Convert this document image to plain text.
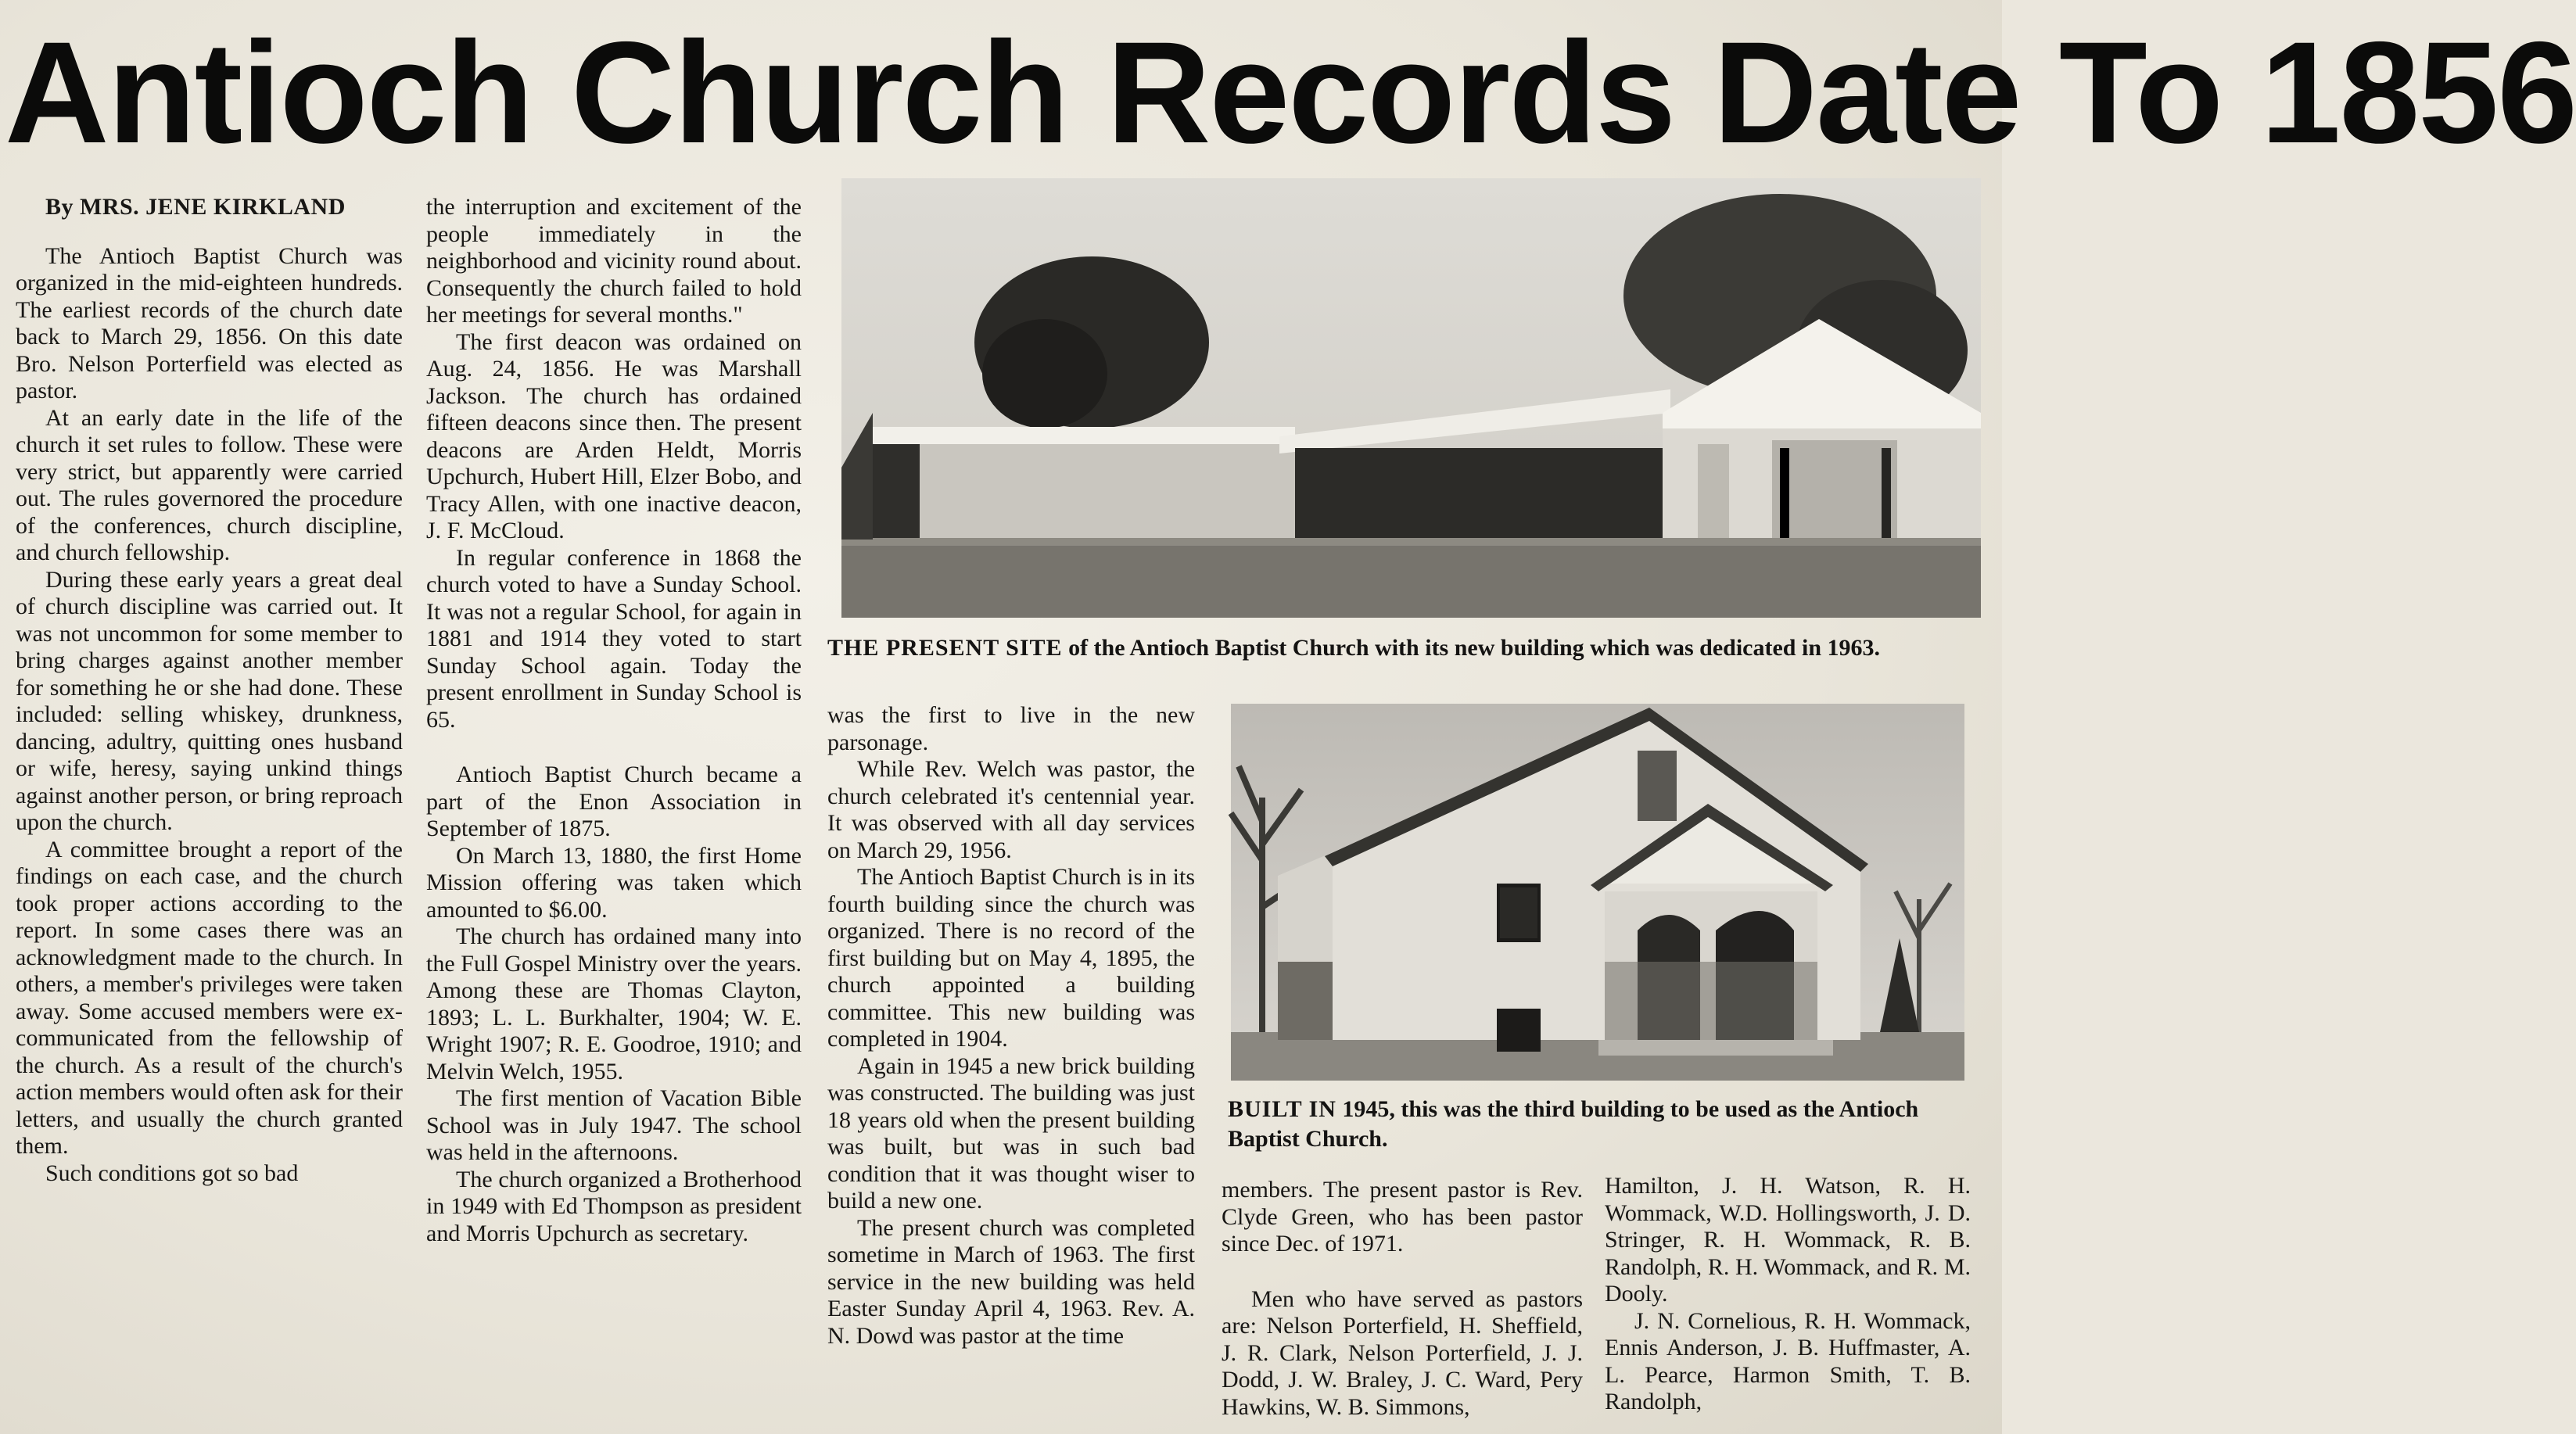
Antioch Church Records Date To 1856

By MRS. JENE KIRKLAND

The Antioch Baptist Church was organized in the mid-eighteen hundreds. The earliest records of the church date back to March 29, 1856. On this date Bro. Nelson Porterfield was elected as pastor.

At an early date in the life of the church it set rules to follow. These were very strict, but apparently were carried out. The rules governored the procedure of the conferences, church discipline, and church fellowship.

During these early years a great deal of church discipline was carried out. It was not uncommon for some member to bring charges against another member for something he or she had done. These included: selling whiskey, drunkness, dancing, adultry, quitting ones husband or wife, heresy, saying unkind things against another person, or bring reproach upon the church.

A committee brought a report of the findings on each case, and the church took proper actions according to the report. In some cases there was an acknowledgment made to the church. In others, a member's privileges were taken away. Some accused members were ex-communicated from the fellowship of the church. As a result of the church's action members would often ask for their letters, and usually the church granted them.

Such conditions got so bad

the interruption and excitement of the people immediately in the neighborhood and vicinity round about. Consequently the church failed to hold her meetings for several months."

The first deacon was ordained on Aug. 24, 1856. He was Marshall Jackson. The church has ordained fifteen deacons since then. The present deacons are Arden Heldt, Morris Upchurch, Hubert Hill, Elzer Bobo, and Tracy Allen, with one inactive deacon, J. F. McCloud.

In regular conference in 1868 the church voted to have a Sunday School. It was not a regular School, for again in 1881 and 1914 they voted to start Sunday School again. Today the present enrollment in Sunday School is 65.

Antioch Baptist Church became a part of the Enon Association in September of 1875.

On March 13, 1880, the first Home Mission offering was taken which amounted to $6.00.

The church has ordained many into the Full Gospel Ministry over the years. Among these are Thomas Clayton, 1893; L. L. Burkhalter, 1904; W. E. Wright 1907; R. E. Goodroe, 1910; and Melvin Welch, 1955.

The first mention of Vacation Bible School was in July 1947. The school was held in the afternoons.

The church organized a Brotherhood in 1949 with Ed Thompson as president and Morris Upchurch as secretary.

THE PRESENT SITE of the Antioch Baptist Church with its new building which was dedicated in 1963.

was the first to live in the new parsonage.

While Rev. Welch was pastor, the church celebrated it's centennial year. It was observed with all day services on March 29, 1956.

The Antioch Baptist Church is in its fourth building since the church was organized. There is no record of the first building but on May 4, 1895, the church appointed a building committee. This new building was completed in 1904.

Again in 1945 a new brick building was constructed. The building was just 18 years old when the present building was built, but was in such bad condition that it was thought wiser to build a new one.

The present church was completed sometime in March of 1963. The first service in the new building was held Easter Sunday April 4, 1963. Rev. A. N. Dowd was pastor at the time

BUILT IN 1945, this was the third building to be used as the Antioch Baptist Church.

members. The present pastor is Rev. Clyde Green, who has been pastor since Dec. of 1971.

Men who have served as pastors are: Nelson Porterfield, H. Sheffield, J. R. Clark, Nelson Porterfield, J. J. Dodd, J. W. Braley, J. C. Ward, Pery Hawkins, W. B. Simmons,

Hamilton, J. H. Watson, R. H. Wommack, W.D. Hollingsworth, J. D. Stringer, R. H. Wommack, R. B. Randolph, R. H. Wommack, and R. M. Dooly.

J. N. Cornelious, R. H. Wommack, Ennis Anderson, J. B. Huffmaster, A. L. Pearce, Harmon Smith, T. B. Randolph,
